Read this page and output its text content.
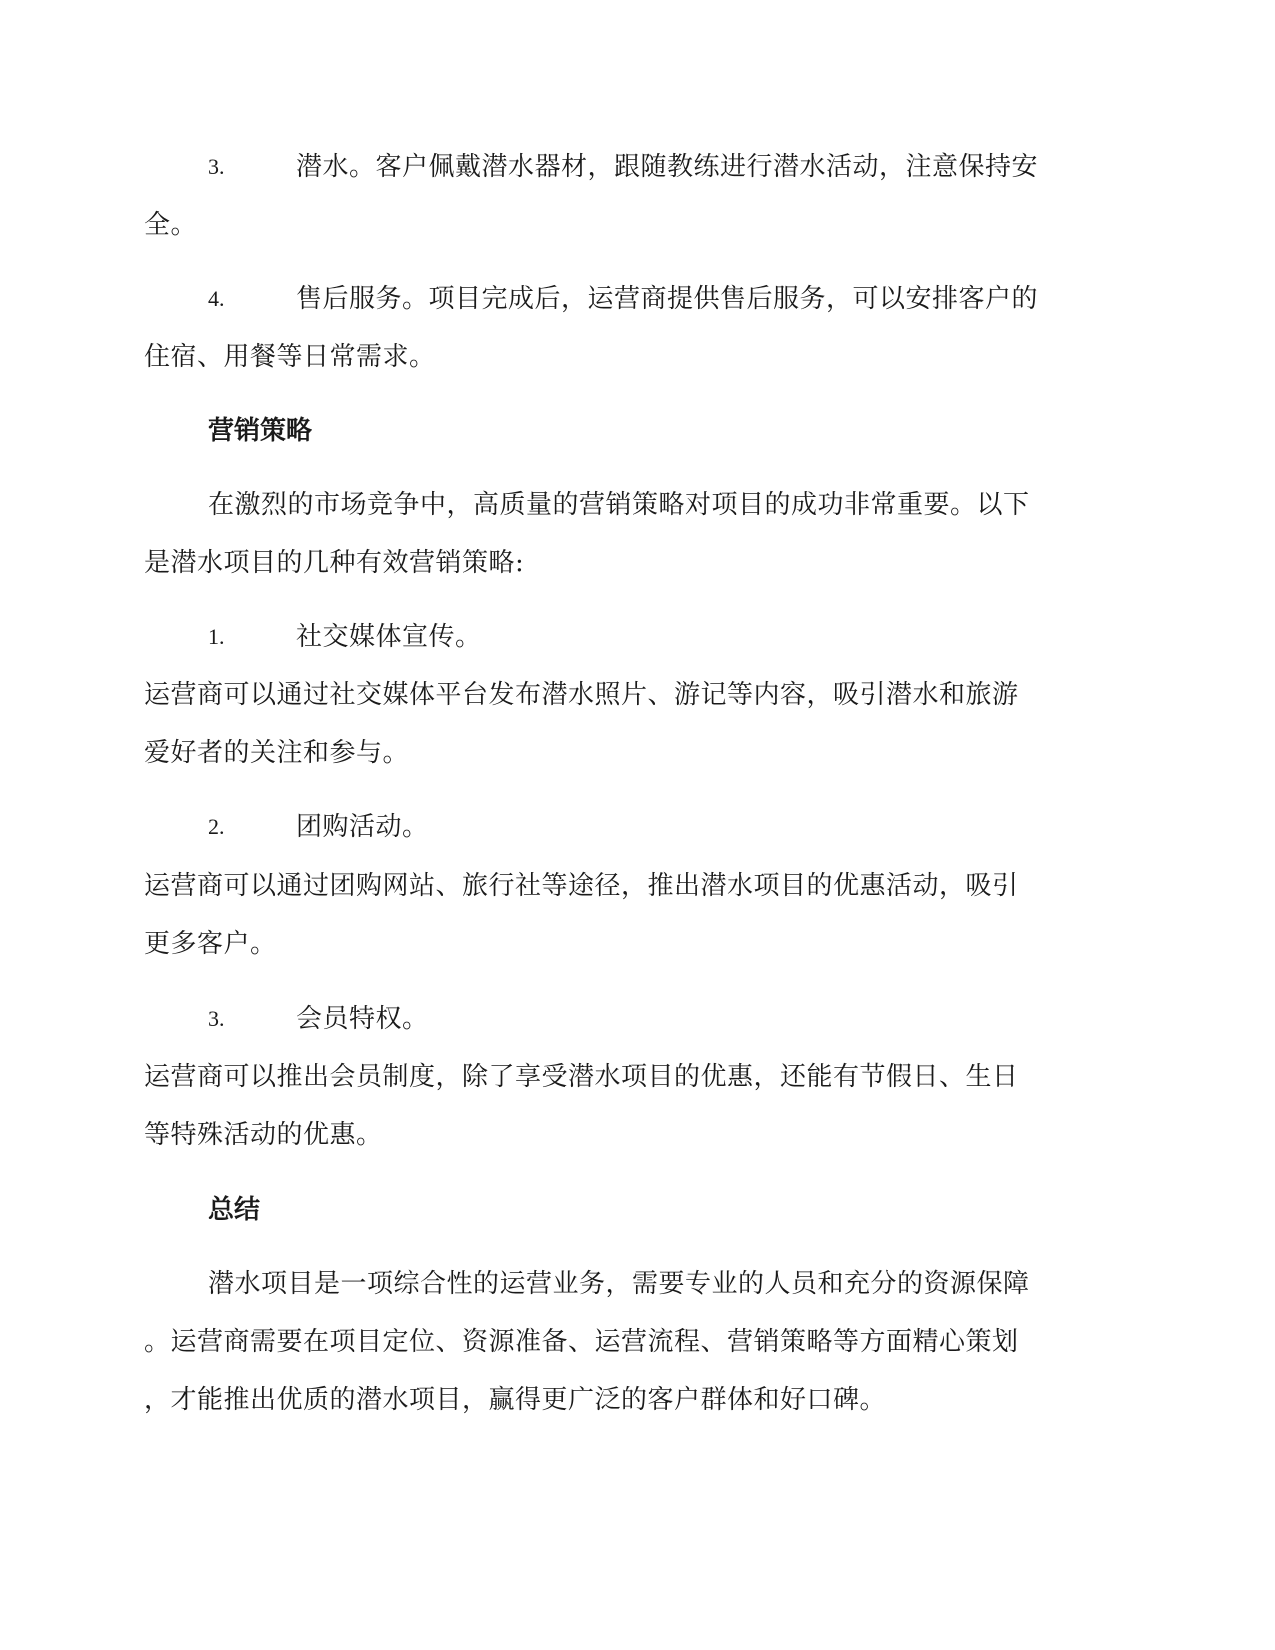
3.	潜水。客户佩戴潜水器材，跟随教练进行潜水活动，注意保持安
全。
4.	售后服务。项目完成后，运营商提供售后服务，可以安排客户的
住宿、用餐等日常需求。
营销策略
在激烈的市场竞争中，高质量的营销策略对项目的成功非常重要。以下
是潜水项目的几种有效营销策略:
1.	社交媒体宣传。
运营商可以通过社交媒体平台发布潜水照片、游记等内容，吸引潜水和旅游
爱好者的关注和参与。
2.	团购活动。
运营商可以通过团购网站、旅行社等途径，推出潜水项目的优惠活动，吸引
更多客户。
3.	会员特权。
运营商可以推出会员制度，除了享受潜水项目的优惠，还能有节假日、生日
等特殊活动的优惠。
总结
潜水项目是一项综合性的运营业务，需要专业的人员和充分的资源保障
。运营商需要在项目定位、资源准备、运营流程、营销策略等方面精心策划
，才能推出优质的潜水项目，赢得更广泛的客户群体和好口碑。
